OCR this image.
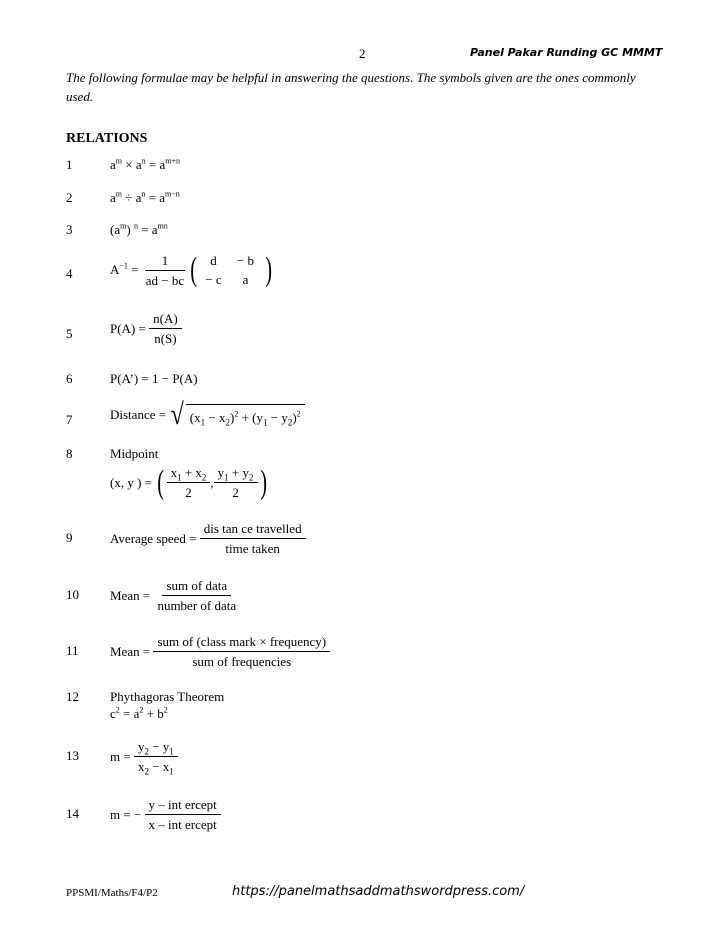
2	Panel Pakar Runding GC MMMT
The following formulae may be helpful in answering the questions. The symbols given are the ones commonly used.
RELATIONS
1	$a^m \times a^n = a^{m+n}$
2	$a^m \div a^n = a^{m-n}$
3	$(a^m) ^n = a^{mn}$
4	$A^{-1} = \frac{1}{ad - bc}$ (	d	− b
− c	a )
5	$P(A) = \frac{n(A)}{n(S)}$
6	P(A’) = 1 − P(A)
7	Distance = √ $(x_1 - x_2)^2 + (y_1 - y_2)^2$
8	Midpoint
(x, y ) = ( $\frac{x_1 + x_2}{2}$ , $\frac{y_1 + y_2}{2}$ )
9	Average speed =
$\frac{\text{dis tan ce travelled}}{\text{time taken}}$
10 Mean =
$\frac{\text{sum of data}}{\text{number of data}}$
11 Mean =
$\frac{\text{sum of (class mark × frequency)}}{\text{sum of frequencies}}$
12 Phythagoras Theorem
$c^2 = a^2 + b^2$
13 $m = \frac{y_2 - y_1}{x_2 - x_1}$
14 m = − $\frac{\text{y – int ercept}}{\text{x – int ercept}}$
PPSMI/Maths/F4/P2	https://panelmathsaddmathswordpress.com/
